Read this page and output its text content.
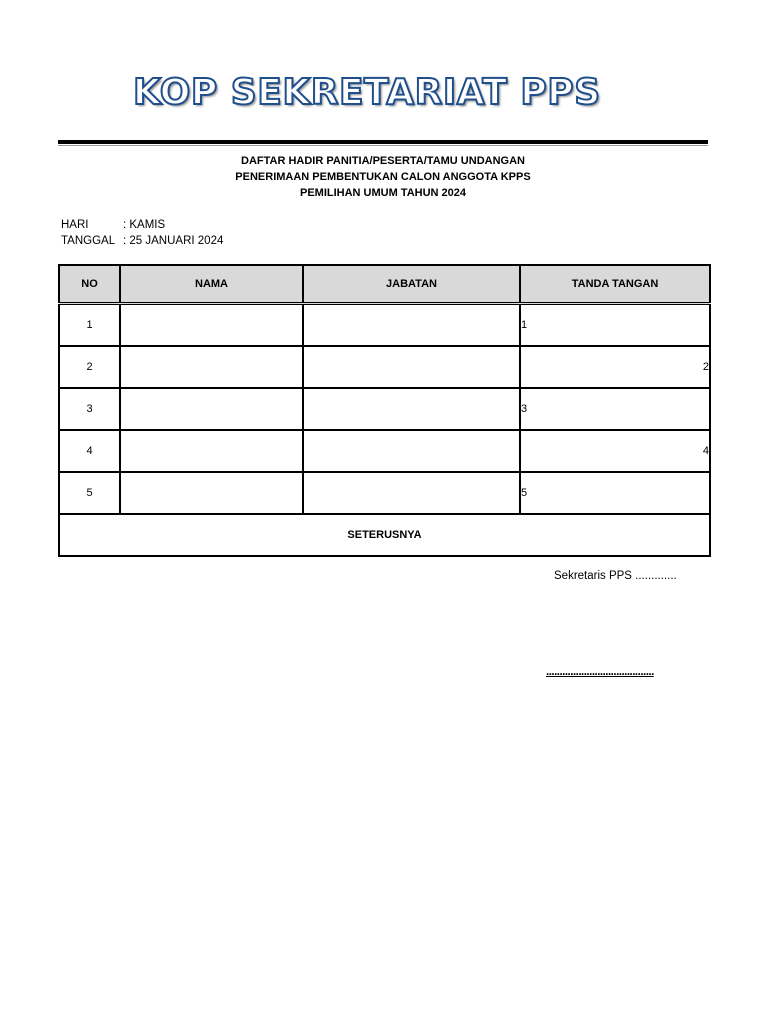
KOP SEKRETARIAT PPS
DAFTAR HADIR PANITIA/PESERTA/TAMU UNDANGAN
PENERIMAAN PEMBENTUKAN CALON ANGGOTA KPPS
PEMILIHAN UMUM TAHUN 2024
HARI	: KAMIS
TANGGAL : 25 JANUARI 2024
NO	NAMA	JABATAN	TANDA TANGAN
1			1
2			2
3			3
4			4
5			5
SETERUSNYA			
Sekretaris PPS .............
........................................
